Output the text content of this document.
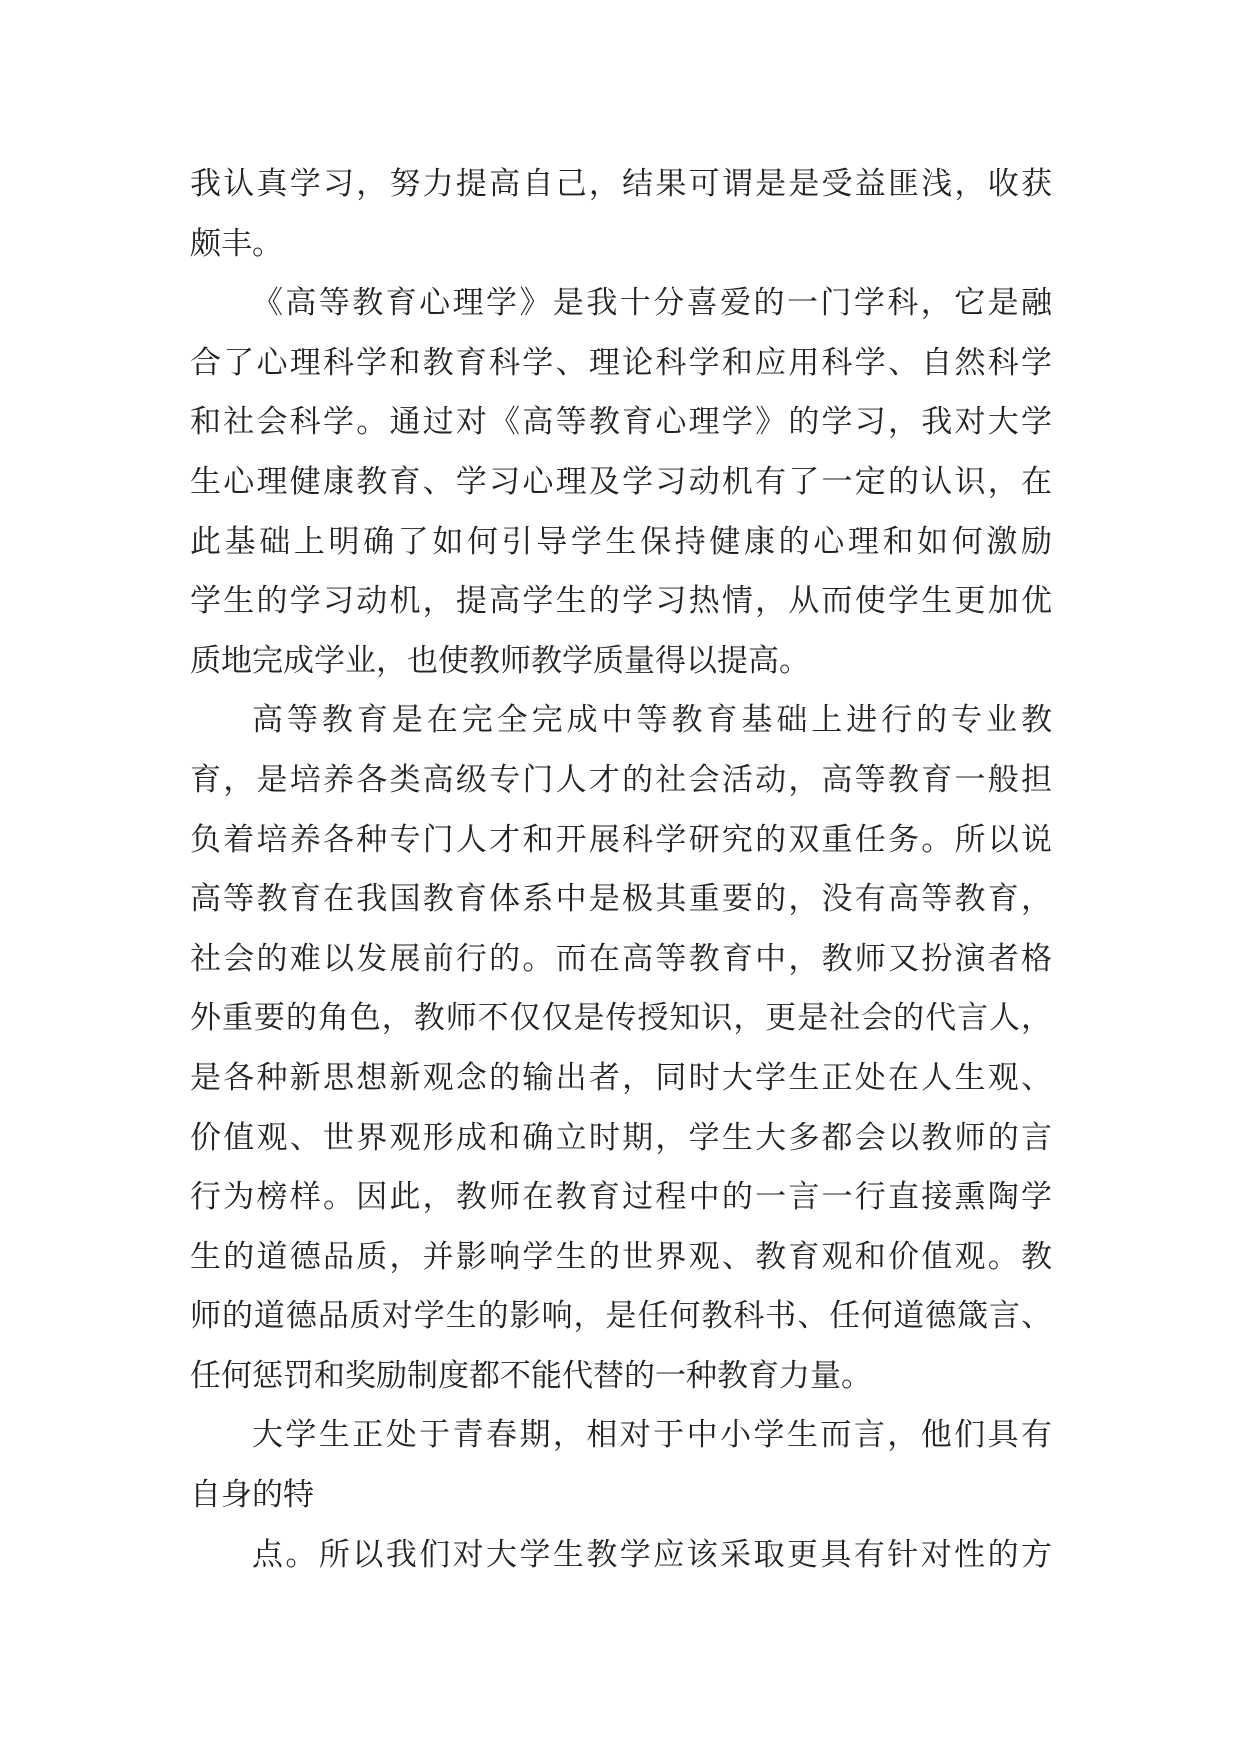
我认真学习，努力提高自己，结果可谓是是受益匪浅，收获
颇丰。
《高等教育心理学》是我十分喜爱的一门学科，它是融
合了心理科学和教育科学、理论科学和应用科学、自然科学
和社会科学。通过对《高等教育心理学》的学习，我对大学
生心理健康教育、学习心理及学习动机有了一定的认识，在
此基础上明确了如何引导学生保持健康的心理和如何激励
学生的学习动机，提高学生的学习热情，从而使学生更加优
质地完成学业，也使教师教学质量得以提高。
高等教育是在完全完成中等教育基础上进行的专业教
育，是培养各类高级专门人才的社会活动，高等教育一般担
负着培养各种专门人才和开展科学研究的双重任务。所以说
高等教育在我国教育体系中是极其重要的，没有高等教育，
社会的难以发展前行的。而在高等教育中，教师又扮演者格
外重要的角色，教师不仅仅是传授知识，更是社会的代言人，
是各种新思想新观念的输出者，同时大学生正处在人生观、
价值观、世界观形成和确立时期，学生大多都会以教师的言
行为榜样。因此，教师在教育过程中的一言一行直接熏陶学
生的道德品质，并影响学生的世界观、教育观和价值观。教
师的道德品质对学生的影响，是任何教科书、任何道德箴言、
任何惩罚和奖励制度都不能代替的一种教育力量。
大学生正处于青春期，相对于中小学生而言，他们具有
自身的特
点。所以我们对大学生教学应该采取更具有针对性的方
